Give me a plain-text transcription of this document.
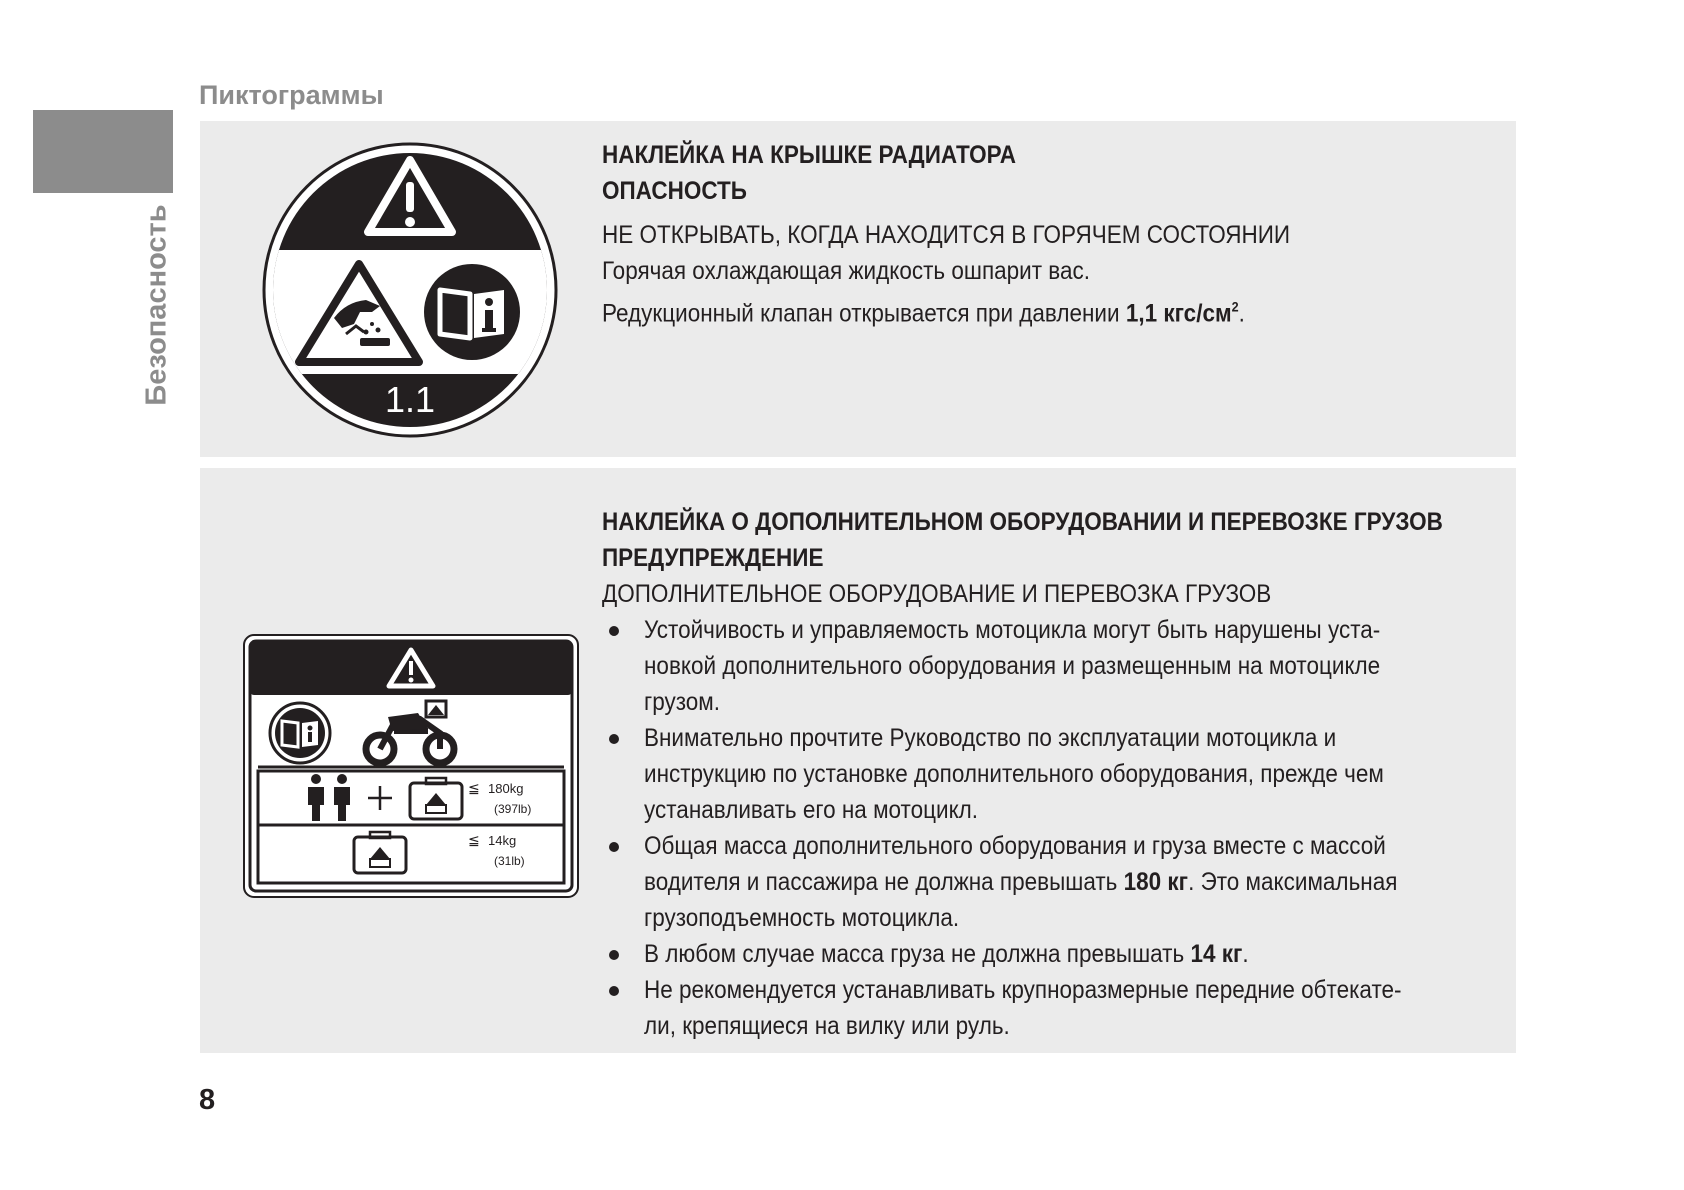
Безопасность
Пиктограммы
1.1
НАКЛЕЙКА НА КРЫШКЕ РАДИАТОРА
ОПАСНОСТЬ
НЕ ОТКРЫВАТЬ, КОГДА НАХОДИТСЯ В ГОРЯЧЕМ СОСТОЯНИИ
Горячая охлаждающая жидкость ошпарит вас.
Редукционный клапан открывается при давлении 1,1 кгс/$см^2$.
≦ 180kg
(397lb)
≦ 14kg
(31lb)
НАКЛЕЙКА О ДОПОЛНИТЕЛЬНОМ ОБОРУДОВАНИИ И ПЕРЕВОЗКЕ ГРУЗОВ
ПРЕДУПРЕЖДЕНИЕ
ДОПОЛНИТЕЛЬНОЕ ОБОРУДОВАНИЕ И ПЕРЕВОЗКА ГРУЗОВ
Устойчивость и управляемость мотоцикла могут быть нарушены уста-
новкой дополнительного оборудования и размещенным на мотоцикле
грузом.
Внимательно прочтите Руководство по эксплуатации мотоцикла и
инструкцию по установке дополнительного оборудования, прежде чем
устанавливать его на мотоцикл.
Общая масса дополнительного оборудования и груза вместе с массой
водителя и пассажира не должна превышать 180 кг. Это максимальная
грузоподъемность мотоцикла.
В любом случае масса груза не должна превышать 14 кг.
Не рекомендуется устанавливать крупноразмерные передние обтекате-
ли, крепящиеся на вилку или руль.
8
